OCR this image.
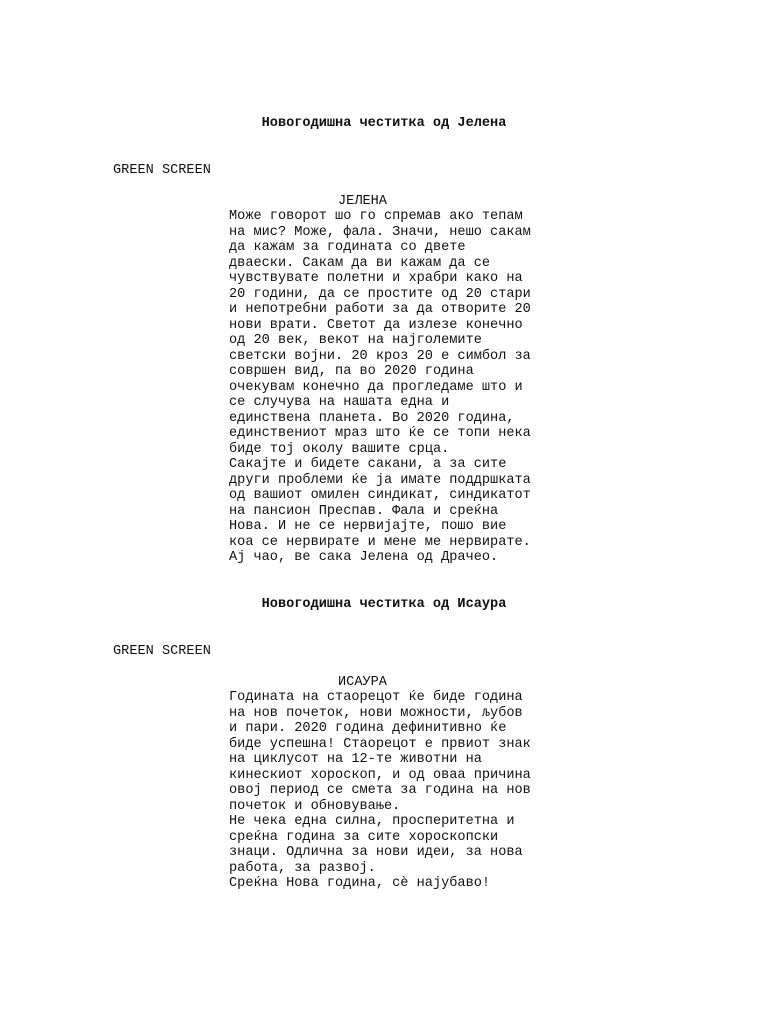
Новогодишна честитка од Јелена
GREEN SCREEN
ЈЕЛЕНА
Може говорот шо го спремав ако тепам
на мис? Може, фала. Значи, нешо сакам
да кажам за годината со двете
дваески. Сакам да ви кажам да се
чувствувате полетни и храбри како на
20 години, да се простите од 20 стари
и непотребни работи за да отворите 20
нови врати. Светот да излезе конечно
од 20 век, векот на најголемите
светски војни. 20 кроз 20 е симбол за
совршен вид, па во 2020 година
очекувам конечно да прогледаме што и
се случува на нашата една и
единствена планета. Во 2020 година,
единствениот мраз што ќе се топи нека
биде тој околу вашите срца.
Сакајте и бидете сакани, а за сите
други проблеми ќе ја имате поддршката
од вашиот омилен синдикат, синдикатот
на пансион Преспав. Фала и среќна
Нова. И не се нервијајте, пошо вие
коа се нервирате и мене ме нервирате.
Ај чао, ве сака Јелена од Драчео.
Новогодишна честитка од Исаура
GREEN SCREEN
ИСАУРА
Годината на стаорецот ќе биде година
на нов почеток, нови можности, љубов
и пари. 2020 година дефинитивно ќе
биде успешна! Стаорецот е првиот знак
на циклусот на 12-те животни на
кинескиот хороскоп, и од оваа причина
овој период се смета за година на нов
почеток и обновување.
Не чека една силна, просперитетна и
среќна година за сите хороскопски
знаци. Одлична за нови идеи, за нова
работа, за развој.
Среќна Нова година, сè најубаво!
